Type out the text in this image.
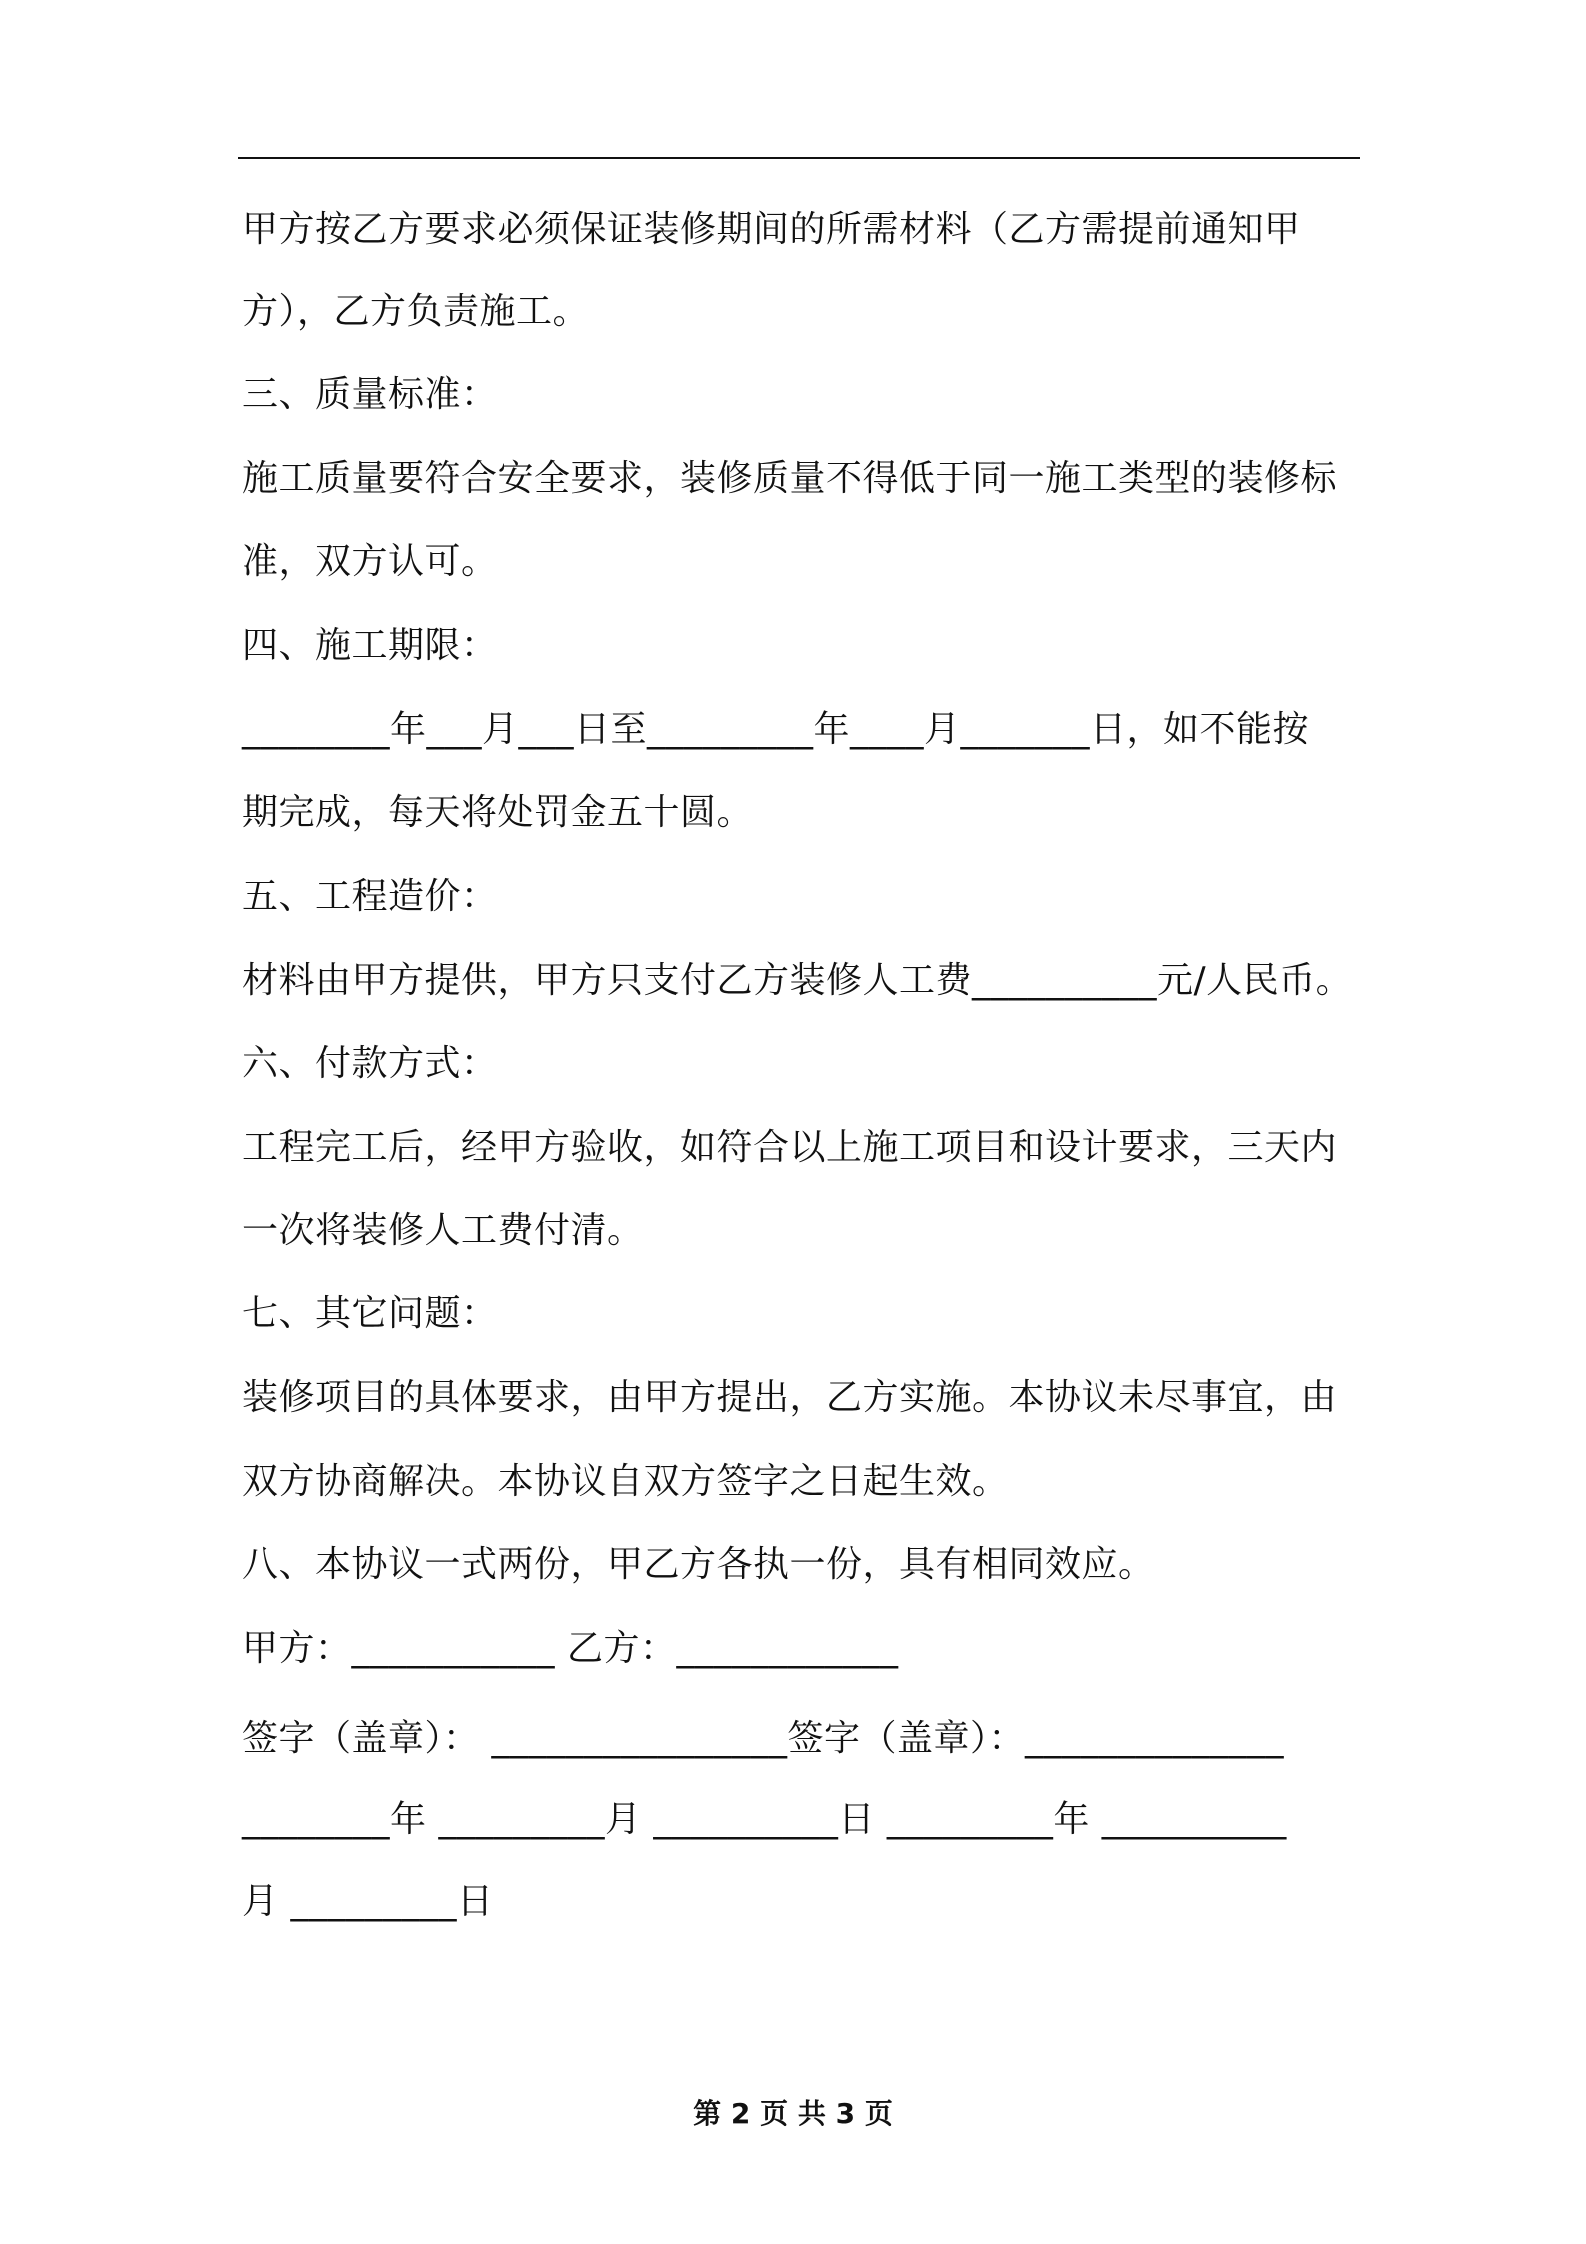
甲方按乙方要求必须保证装修期间的所需材料（乙方需提前通知甲
方），乙方负责施工。
三、质量标准：
施工质量要符合安全要求，装修质量不得低于同一施工类型的装修标
准，双方认可。
四、施工期限：
________年___月___日至_________年____月_______日，如不能按
期完成，每天将处罚金五十圆。
五、工程造价：
材料由甲方提供，甲方只支付乙方装修人工费__________元/人民币。
六、付款方式：
工程完工后，经甲方验收，如符合以上施工项目和设计要求，三天内
一次将装修人工费付清。
七、其它问题：
装修项目的具体要求，由甲方提出，乙方实施。本协议未尽事宜，由
双方协商解决。本协议自双方签字之日起生效。
八、本协议一式两份，甲乙方各执一份，具有相同效应。
甲方：___________ 乙方：____________
签字（盖章）： ________________签字（盖章）：______________
________年 _________月 __________日 _________年 __________
月 _________日
第 2 页 共 3 页
